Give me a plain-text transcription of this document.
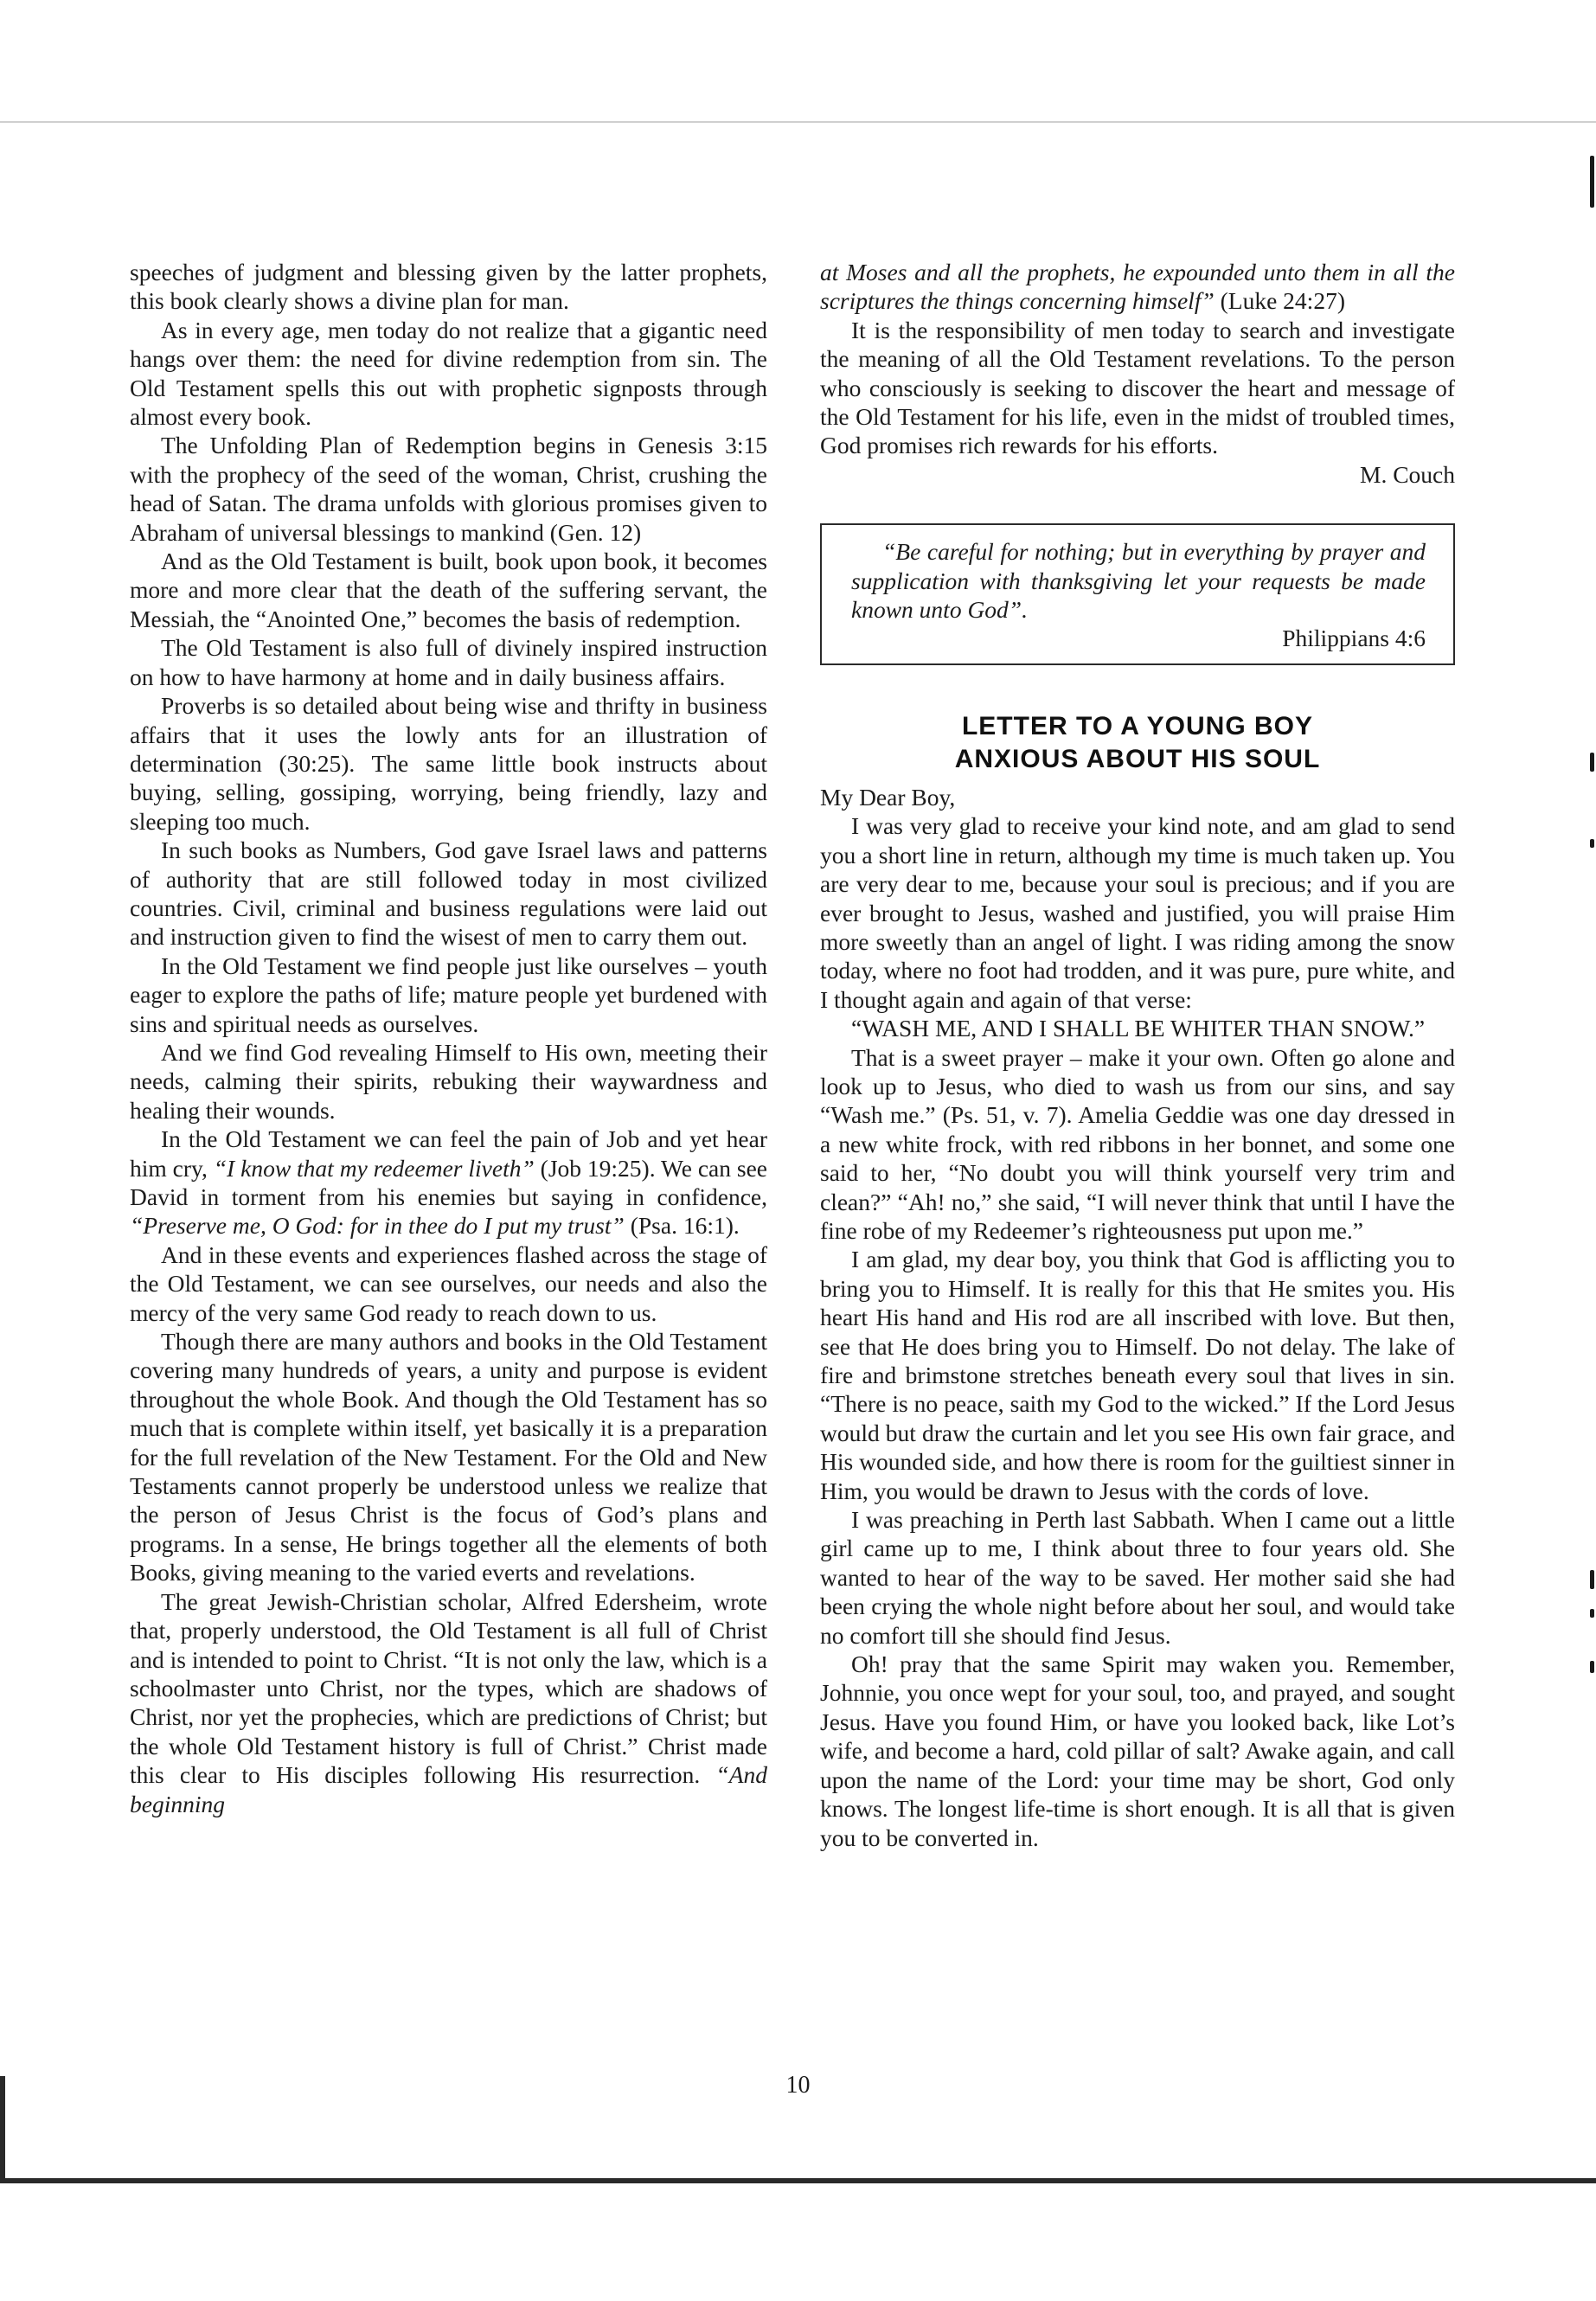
speeches of judgment and blessing given by the latter prophets, this book clearly shows a divine plan for man.

As in every age, men today do not realize that a gigantic need hangs over them: the need for divine redemption from sin. The Old Testament spells this out with prophetic signposts through almost every book.

The Unfolding Plan of Redemption begins in Genesis 3:15 with the prophecy of the seed of the woman, Christ, crushing the head of Satan. The drama unfolds with glorious promises given to Abraham of universal blessings to mankind (Gen. 12)

And as the Old Testament is built, book upon book, it becomes more and more clear that the death of the suffering servant, the Messiah, the “Anointed One,” becomes the basis of redemption.

The Old Testament is also full of divinely inspired instruction on how to have harmony at home and in daily business affairs.

Proverbs is so detailed about being wise and thrifty in business affairs that it uses the lowly ants for an illustration of determination (30:25). The same little book instructs about buying, selling, gossiping, worrying, being friendly, lazy and sleeping too much.

In such books as Numbers, God gave Israel laws and patterns of authority that are still followed today in most civilized countries. Civil, criminal and business regulations were laid out and instruction given to find the wisest of men to carry them out.

In the Old Testament we find people just like ourselves – youth eager to explore the paths of life; mature people yet burdened with sins and spiritual needs as ourselves.

And we find God revealing Himself to His own, meeting their needs, calming their spirits, rebuking their waywardness and healing their wounds.

In the Old Testament we can feel the pain of Job and yet hear him cry, “I know that my redeemer liveth” (Job 19:25). We can see David in torment from his enemies but saying in confidence, “Preserve me, O God: for in thee do I put my trust” (Psa. 16:1).

And in these events and experiences flashed across the stage of the Old Testament, we can see ourselves, our needs and also the mercy of the very same God ready to reach down to us.

Though there are many authors and books in the Old Testament covering many hundreds of years, a unity and purpose is evident throughout the whole Book. And though the Old Testament has so much that is complete within itself, yet basically it is a preparation for the full revelation of the New Testament. For the Old and New Testaments cannot properly be understood unless we realize that the person of Jesus Christ is the focus of God’s plans and programs. In a sense, He brings together all the elements of both Books, giving meaning to the varied everts and revelations.

The great Jewish-Christian scholar, Alfred Edersheim, wrote that, properly understood, the Old Testament is all full of Christ and is intended to point to Christ. “It is not only the law, which is a schoolmaster unto Christ, nor the types, which are shadows of Christ, nor yet the prophecies, which are predictions of Christ; but the whole Old Testament history is full of Christ.” Christ made this clear to His disciples following His resurrection. “And beginning

at Moses and all the prophets, he expounded unto them in all the scriptures the things concerning himself” (Luke 24:27)

It is the responsibility of men today to search and investigate the meaning of all the Old Testament revelations. To the person who consciously is seeking to discover the heart and message of the Old Testament for his life, even in the midst of troubled times, God promises rich rewards for his efforts.

M. Couch

“Be careful for nothing; but in everything by prayer and supplication with thanksgiving let your requests be made known unto God”.

Philippians 4:6
LETTER TO A YOUNG BOY
ANXIOUS ABOUT HIS SOUL

My Dear Boy,

I was very glad to receive your kind note, and am glad to send you a short line in return, although my time is much taken up. You are very dear to me, because your soul is precious; and if you are ever brought to Jesus, washed and justified, you will praise Him more sweetly than an angel of light. I was riding among the snow today, where no foot had trodden, and it was pure, pure white, and I thought again and again of that verse:

“WASH ME, AND I SHALL BE WHITER THAN SNOW.”

That is a sweet prayer – make it your own. Often go alone and look up to Jesus, who died to wash us from our sins, and say “Wash me.” (Ps. 51, v. 7). Amelia Geddie was one day dressed in a new white frock, with red ribbons in her bonnet, and some one said to her, “No doubt you will think yourself very trim and clean?” “Ah! no,” she said, “I will never think that until I have the fine robe of my Redeemer’s righteousness put upon me.”

I am glad, my dear boy, you think that God is afflicting you to bring you to Himself. It is really for this that He smites you. His heart His hand and His rod are all inscribed with love. But then, see that He does bring you to Himself. Do not delay. The lake of fire and brimstone stretches beneath every soul that lives in sin. “There is no peace, saith my God to the wicked.” If the Lord Jesus would but draw the curtain and let you see His own fair grace, and His wounded side, and how there is room for the guiltiest sinner in Him, you would be drawn to Jesus with the cords of love.

I was preaching in Perth last Sabbath. When I came out a little girl came up to me, I think about three to four years old. She wanted to hear of the way to be saved. Her mother said she had been crying the whole night before about her soul, and would take no comfort till she should find Jesus.

Oh! pray that the same Spirit may waken you. Remember, Johnnie, you once wept for your soul, too, and prayed, and sought Jesus. Have you found Him, or have you looked back, like Lot’s wife, and become a hard, cold pillar of salt? Awake again, and call upon the name of the Lord: your time may be short, God only knows. The longest life-time is short enough. It is all that is given you to be converted in.

10
